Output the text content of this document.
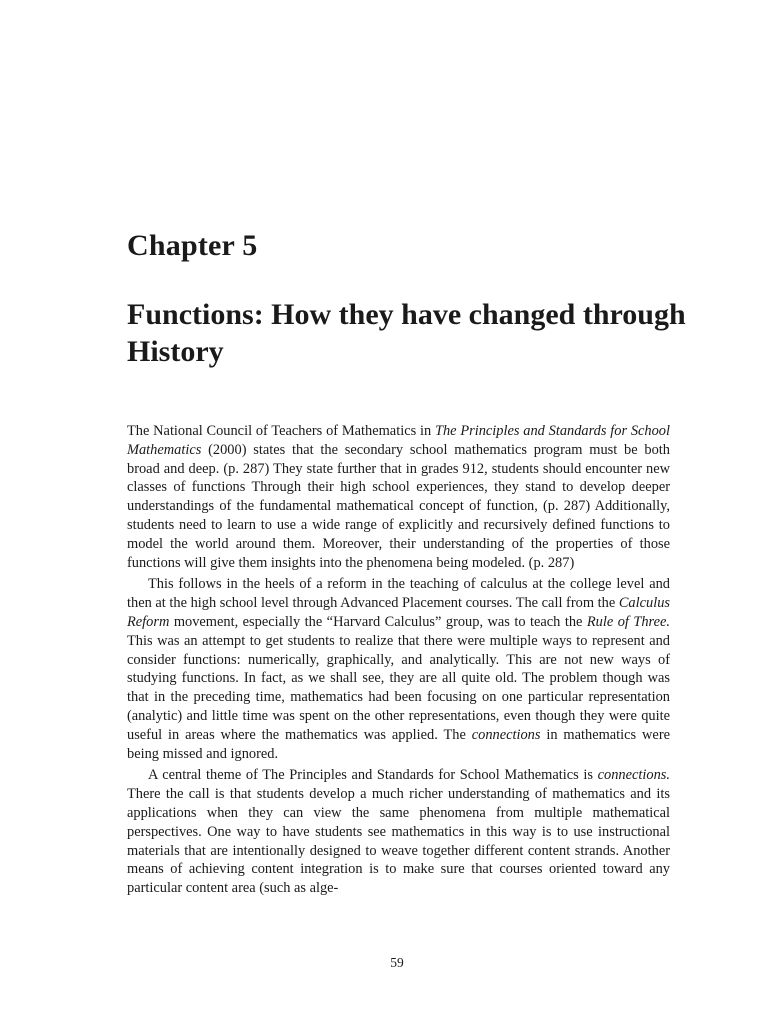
Chapter 5
Functions: How they have changed through History

The National Council of Teachers of Mathematics in The Principles and Standards for School Mathematics (2000) states that the secondary school mathematics program must be both broad and deep. (p. 287) They state further that in grades 912, students should encounter new classes of functions Through their high school experiences, they stand to develop deeper understandings of the fundamental mathematical concept of function, (p. 287) Additionally, students need to learn to use a wide range of explicitly and recursively defined functions to model the world around them. Moreover, their understanding of the properties of those functions will give them insights into the phenomena being modeled. (p. 287)

This follows in the heels of a reform in the teaching of calculus at the college level and then at the high school level through Advanced Placement courses. The call from the Calculus Reform movement, especially the “Harvard Calculus” group, was to teach the Rule of Three. This was an attempt to get students to realize that there were multiple ways to represent and consider functions: numerically, graphically, and analytically. This are not new ways of studying functions. In fact, as we shall see, they are all quite old. The problem though was that in the preceding time, mathematics had been focusing on one particular representation (analytic) and little time was spent on the other representations, even though they were quite useful in areas where the mathematics was applied. The connections in mathematics were being missed and ignored.

A central theme of The Principles and Standards for School Mathematics is connections. There the call is that students develop a much richer understanding of mathematics and its applications when they can view the same phenomena from multiple mathematical perspectives. One way to have students see mathematics in this way is to use instructional materials that are intentionally designed to weave together different content strands. Another means of achieving content integration is to make sure that courses oriented toward any particular content area (such as alge-

59
